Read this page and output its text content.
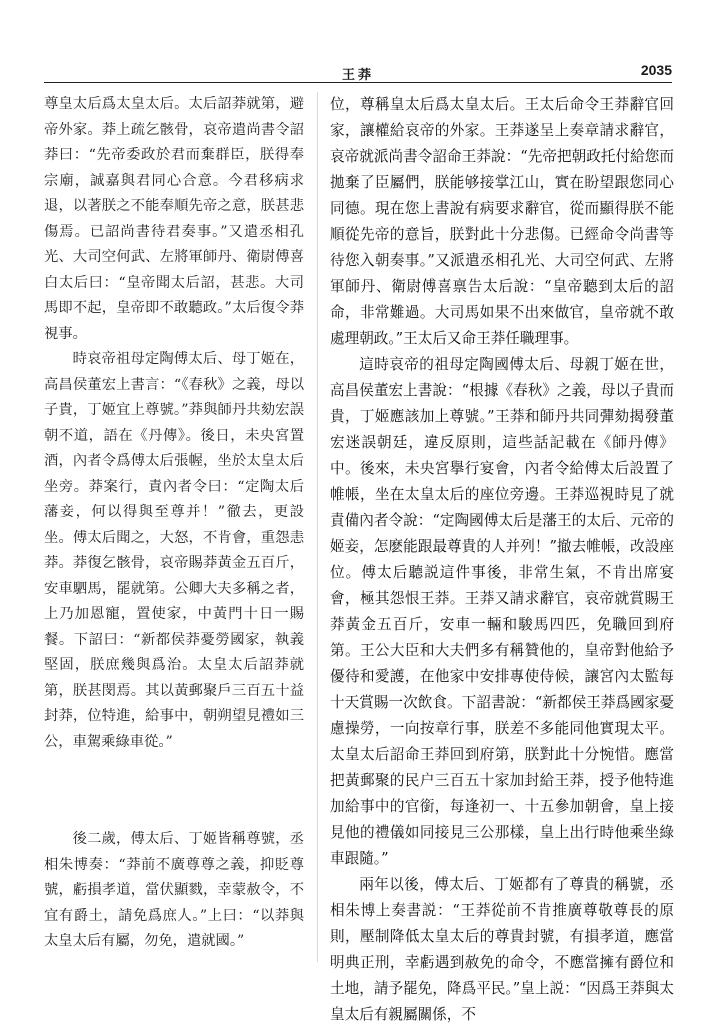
王莽	2035

尊皇太后爲太皇太后。太后詔莽就第，避帝外家。莽上疏乞骸骨，哀帝遣尚書令詔莽曰：“先帝委政於君而棄群臣，朕得奉宗廟，誠嘉與君同心合意。今君移病求退，以著朕之不能奉順先帝之意，朕甚悲傷焉。已詔尚書待君奏事。”又遣丞相孔光、大司空何武、左將軍師丹、衛尉傅喜白太后曰：“皇帝聞太后詔，甚悲。大司馬即不起，皇帝即不敢聽政。”太后復令莽視事。

時哀帝祖母定陶傅太后、母丁姬在，高昌侯董宏上書言：“《春秋》之義，母以子貴，丁姬宜上尊號。”莽與師丹共劾宏誤朝不道，語在《丹傳》。後日，未央宮置酒，內者令爲傅太后張幄，坐於太皇太后坐旁。莽案行，責內者令曰：“定陶太后藩妾，何以得與至尊并！”徹去，更設坐。傅太后聞之，大怒，不肯會，重怨恚莽。莽復乞骸骨，哀帝賜莽黃金五百斤，安車駟馬，罷就第。公卿大夫多稱之者，上乃加恩寵，置使家，中黃門十日一賜餐。下詔曰：“新都侯莽憂勞國家，執義堅固，朕庶幾與爲治。太皇太后詔莽就第，朕甚閔焉。其以黃郵聚戶三百五十益封莽，位特進，給事中，朝朔望見禮如三公，車駕乘綠車從。”

後二歲，傅太后、丁姬皆稱尊號，丞相朱博奏：“莽前不廣尊尊之義，抑貶尊號，虧損孝道，當伏顯戮，幸蒙赦令，不宜有爵土，請免爲庶人。”上曰：“以莽與太皇太后有屬，勿免，遣就國。”

位，尊稱皇太后爲太皇太后。王太后命令王莽辭官回家，讓權給哀帝的外家。王莽遂呈上奏章請求辭官，哀帝就派尚書令詔命王莽說：“先帝把朝政托付給您而拋棄了臣屬們，朕能够接掌江山，實在盼望跟您同心同德。現在您上書說有病要求辭官，從而顯得朕不能順從先帝的意旨，朕對此十分悲傷。已經命令尚書等待您入朝奏事。”又派遣丞相孔光、大司空何武、左將軍師丹、衛尉傅喜禀告太后說：“皇帝聽到太后的詔命，非常難過。大司馬如果不出來做官，皇帝就不敢處理朝政。”王太后又命王莽任職理事。

這時哀帝的祖母定陶國傅太后、母親丁姬在世，高昌侯董宏上書說：“根據《春秋》之義，母以子貴而貴，丁姬應該加上尊號。”王莽和師丹共同彈劾揭發董宏迷誤朝廷，違反原則，這些話記載在《師丹傳》中。後來，未央宮擧行宴會，內者令給傅太后設置了帷帳，坐在太皇太后的座位旁邊。王莽巡視時見了就責備內者令說：“定陶國傅太后是藩王的太后、元帝的姬妾，怎麽能跟最尊貴的人并列！”撤去帷帳，改設座位。傅太后聽説這件事後，非常生氣，不肯出席宴會，極其怨恨王莽。王莽又請求辭官，哀帝就賞賜王莽黃金五百斤，安車一輛和駿馬四匹，免職回到府第。王公大臣和大夫們多有稱贊他的，皇帝對他給予優待和愛護，在他家中安排專使侍候，讓宮內太監每十天賞賜一次飲食。下詔書說：“新都侯王莽爲國家憂慮操勞，一向按章行事，朕差不多能同他實現太平。太皇太后詔命王莽回到府第，朕對此十分惋惜。應當把黃郵聚的民户三百五十家加封給王莽，授予他特進加給事中的官銜，每逢初一、十五參加朝會，皇上接見他的禮儀如同接見三公那樣，皇上出行時他乘坐綠車跟隨。”

兩年以後，傅太后、丁姬都有了尊貴的稱號，丞相朱博上奏書説：“王莽從前不肯推廣尊敬尊長的原則，壓制降低太皇太后的尊貴封號，有損孝道，應當明典正刑，幸虧遇到赦免的命令，不應當擁有爵位和土地，請予罷免，降爲平民。”皇上説：“因爲王莽與太皇太后有親屬關係，不
